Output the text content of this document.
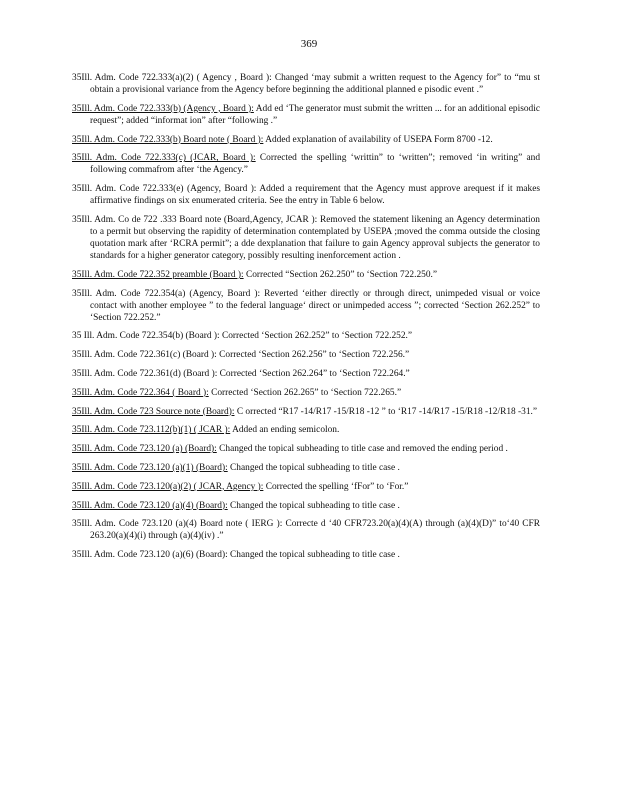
369

35Ill. Adm. Code 722.333(a)(2) ( Agency , Board ): Changed ‘may submit a written request to the Agency for” to “mu st obtain a provisional variance from the Agency before beginning the additional planned e pisodic event .”

35Ill. Adm. Code 722.333(b) (Agency , Board ): Add ed ‘The generator must submit the written ... for an additional episodic request”; added “informat ion” after “following .”

35Ill. Adm. Code 722.333(b) Board note ( Board ): Added explanation of availability of USEPA Form 8700 -12.

35Ill. Adm. Code 722.333(c) (JCAR, Board ): Corrected the spelling ‘writtin” to ‘written”; removed ‘in writing” and following commafrom after ‘the Agency.”

35Ill. Adm. Code 722.333(e) (Agency, Board ): Added a requirement that the Agency must approve arequest if it makes affirmative findings on six enumerated criteria. See the entry in Table 6 below.

35Ill. Adm. Co de 722 .333 Board note (Board,Agency, JCAR ): Removed the statement likening an Agency determination to a permit but observing the rapidity of determination contemplated by USEPA ;moved the comma outside the closing quotation mark after ‘RCRA permit”; a dde dexplanation that failure to gain Agency approval subjects the generator to standards for a higher generator category, possibly resulting inenforcement action .

35Ill. Adm. Code 722.352 preamble (Board ): Corrected “Section 262.250” to ‘Section 722.250.”

35Ill. Adm. Code 722.354(a) (Agency, Board ): Reverted ‘either directly or through direct, unimpeded visual or voice contact with another employee ” to the federal language‘ direct or unimpeded access ”; corrected ‘Section 262.252” to ‘Section 722.252.”

35 Ill. Adm. Code 722.354(b) (Board ): Corrected ‘Section 262.252” to ‘Section 722.252.”

35Ill. Adm. Code 722.361(c) (Board ): Corrected ‘Section 262.256” to ‘Section 722.256.”

35Ill. Adm. Code 722.361(d) (Board ): Corrected ‘Section 262.264” to ‘Section 722.264.”

35Ill. Adm. Code 722.364 ( Board ): Corrected ‘Section 262.265” to ‘Section 722.265.”

35Ill. Adm. Code 723 Source note (Board): C orrected “R17 -14/R17 -15/R18 -12 ” to ‘R17 -14/R17 -15/R18 -12/R18 -31.”

35Ill. Adm. Code 723.112(b)(1) ( JCAR ): Added an ending semicolon.

35Ill. Adm. Code 723.120 (a) (Board): Changed the topical subheading to title case and removed the ending period .

35Ill. Adm. Code 723.120 (a)(1) (Board): Changed the topical subheading to title case .

35Ill. Adm. Code 723.120(a)(2) ( JCAR, Agency ): Corrected the spelling ‘fFor” to ‘For.”

35Ill. Adm. Code 723.120 (a)(4) (Board): Changed the topical subheading to title case .

35Ill. Adm. Code 723.120 (a)(4) Board note ( IERG ): Correcte d ‘40 CFR723.20(a)(4)(A) through (a)(4)(D)” to‘40 CFR 263.20(a)(4)(i) through (a)(4)(iv) .”

35Ill. Adm. Code 723.120 (a)(6) (Board): Changed the topical subheading to title case .
